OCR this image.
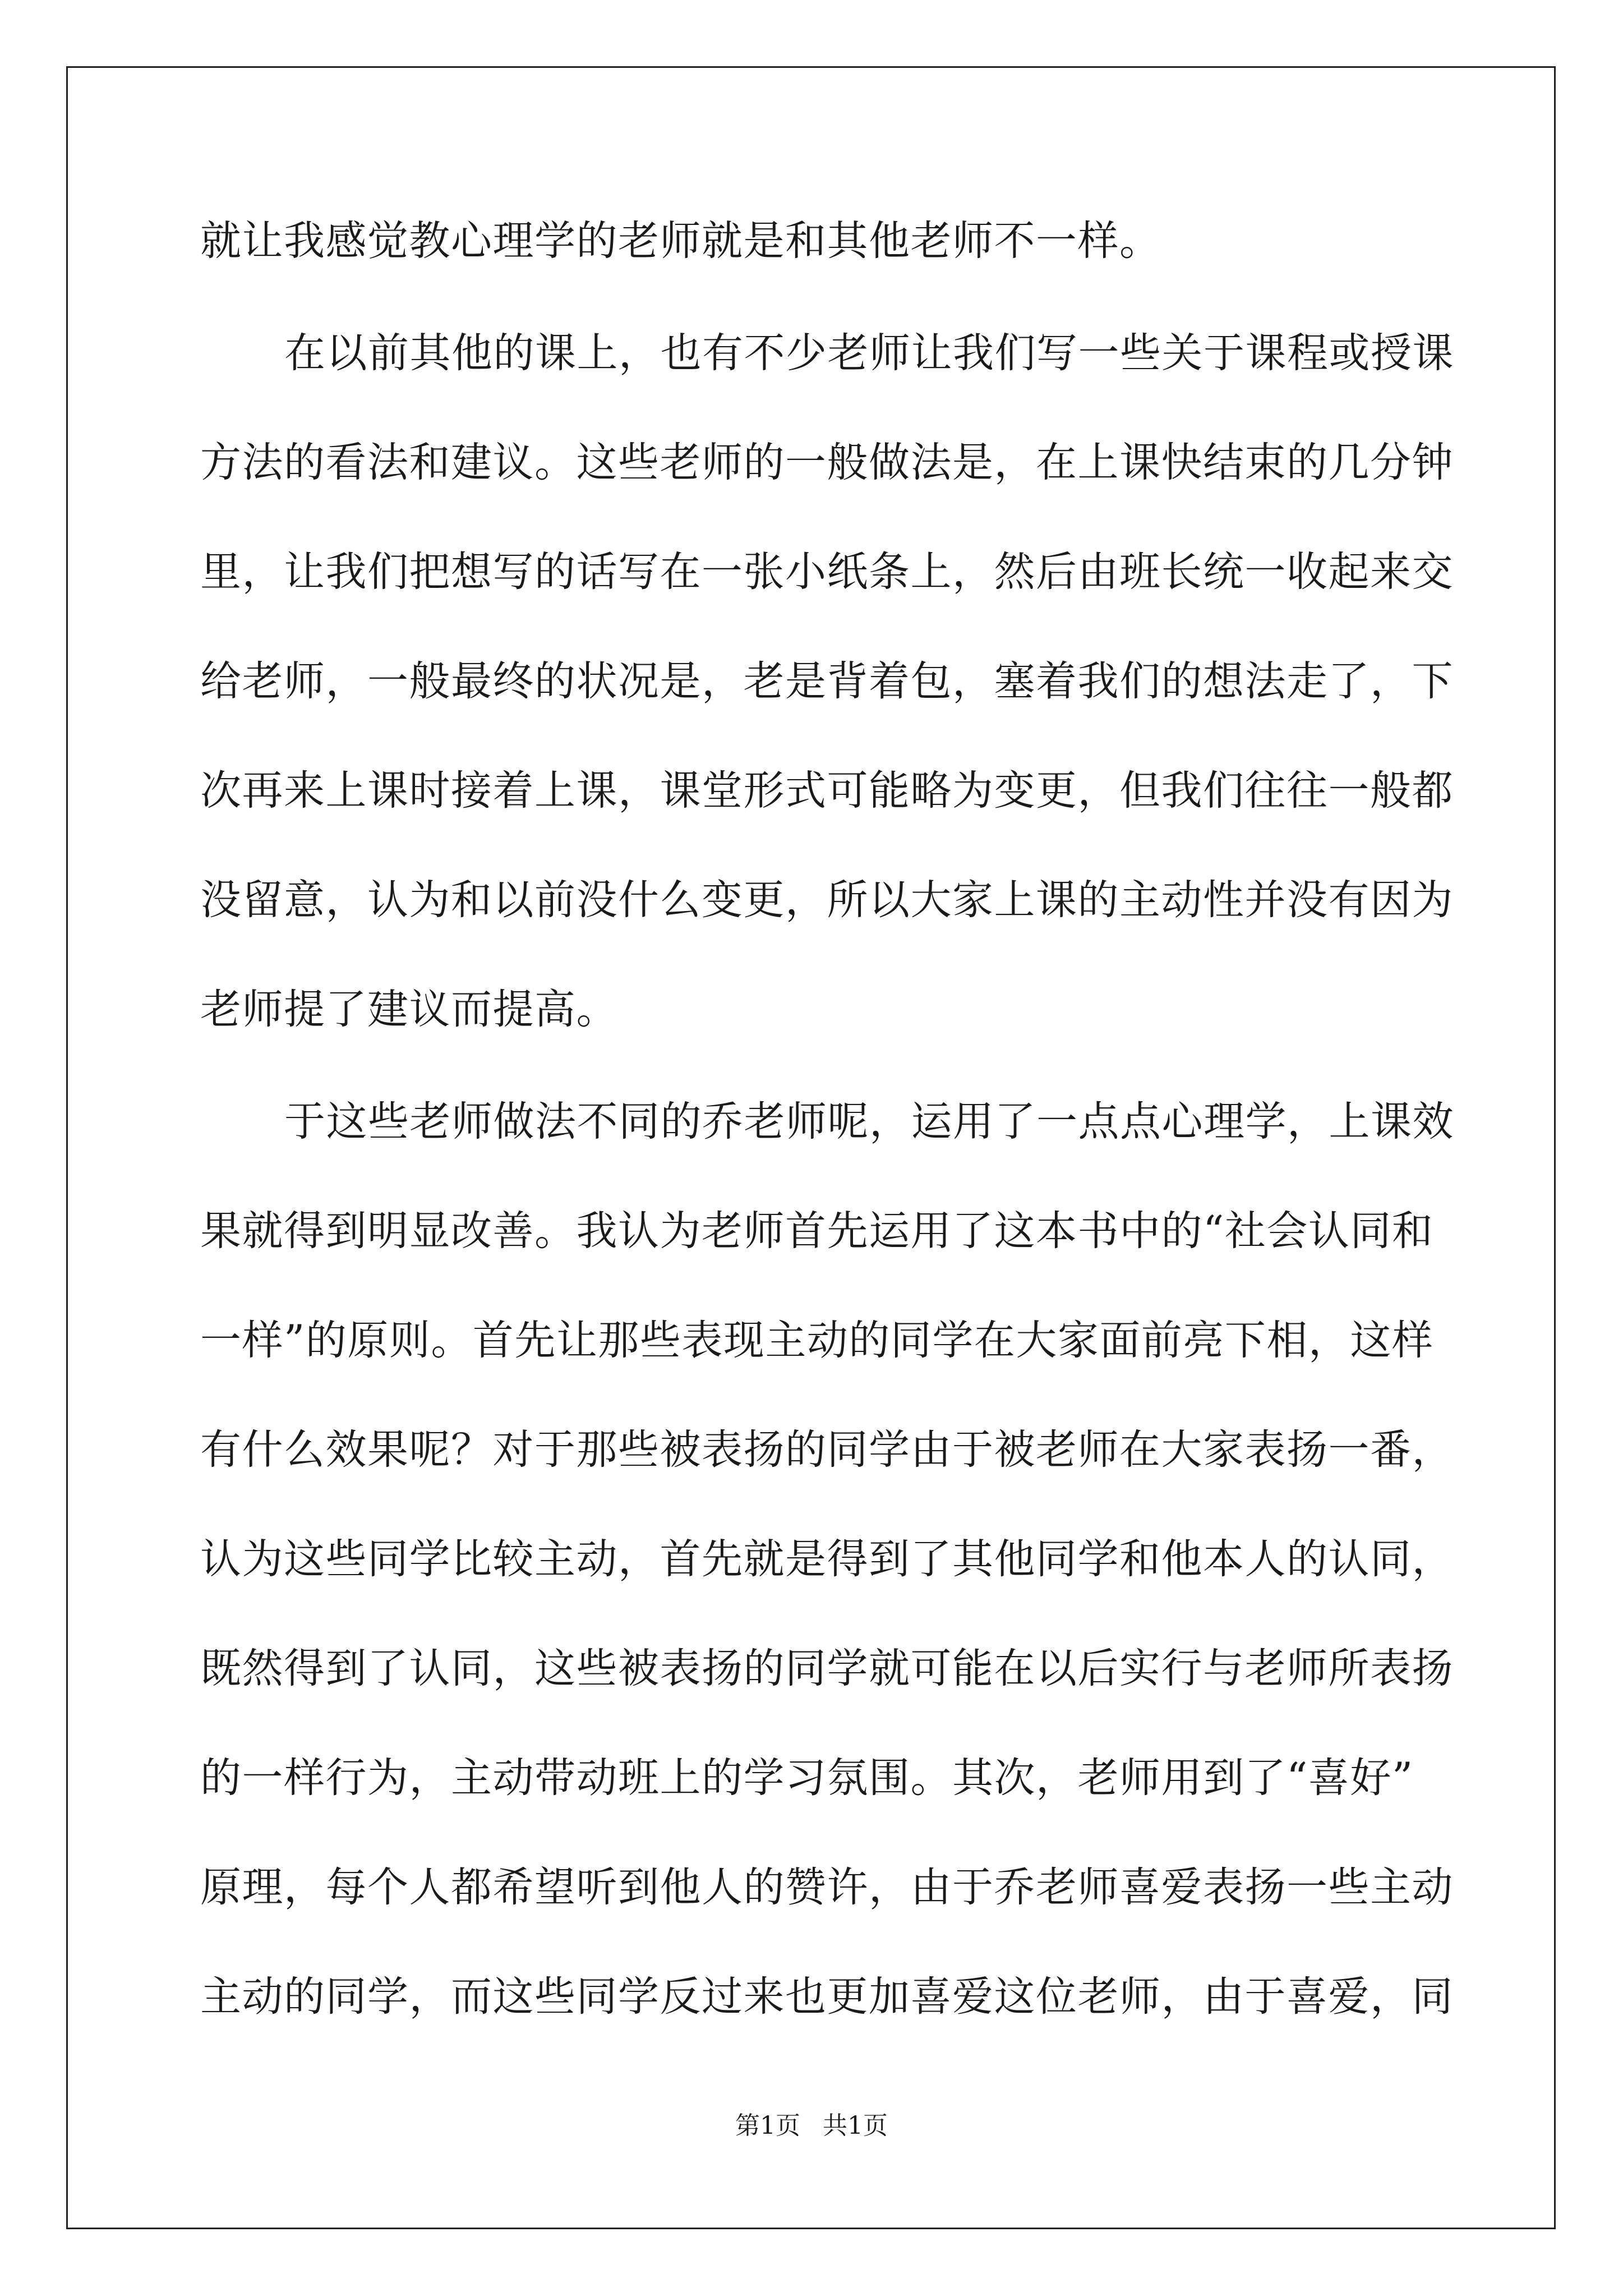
就让我感觉教心理学的老师就是和其他老师不一样。
在以前其他的课上，也有不少老师让我们写一些关于课程或授课
方法的看法和建议。这些老师的一般做法是，在上课快结束的几分钟
里，让我们把想写的话写在一张小纸条上，然后由班长统一收起来交
给老师，一般最终的状况是，老是背着包，塞着我们的想法走了，下
次再来上课时接着上课，课堂形式可能略为变更，但我们往往一般都
没留意，认为和以前没什么变更，所以大家上课的主动性并没有因为
老师提了建议而提高。
于这些老师做法不同的乔老师呢，运用了一点点心理学，上课效
果就得到明显改善。我认为老师首先运用了这本书中的“社会认同和
一样”的原则。首先让那些表现主动的同学在大家面前亮下相，这样
有什么效果呢？对于那些被表扬的同学由于被老师在大家表扬一番，
认为这些同学比较主动，首先就是得到了其他同学和他本人的认同，
既然得到了认同，这些被表扬的同学就可能在以后实行与老师所表扬
的一样行为，主动带动班上的学习氛围。其次，老师用到了“喜好”
原理，每个人都希望听到他人的赞许，由于乔老师喜爱表扬一些主动
主动的同学，而这些同学反过来也更加喜爱这位老师，由于喜爱，同
第1页 共1页
